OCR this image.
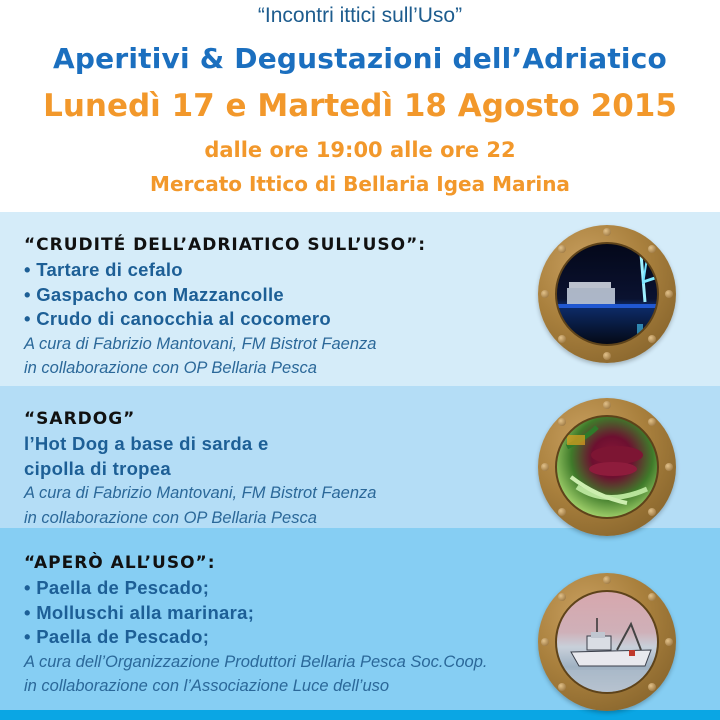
“Incontri ittici sull’Uso”
Aperitivi & Degustazioni dell’Adriatico
Lunedì 17 e Martedì 18 Agosto 2015
dalle ore 19:00 alle ore 22
Mercato Ittico di Bellaria Igea Marina
“CRUDITÉ DELL’ADRIATICO SULL’USO”:
• Tartare di cefalo
• Gaspacho con Mazzancolle
• Crudo di canocchia al cocomero
A cura di Fabrizio Mantovani, FM Bistrot Faenza
in collaborazione con OP Bellaria Pesca
“SARDOG”
l’Hot Dog a base di sarda e
cipolla di tropea
A cura di Fabrizio Mantovani, FM Bistrot Faenza
in collaborazione con OP Bellaria Pesca
“APERÒ ALL’USO”:
• Paella de Pescado;
• Molluschi alla marinara;
• Paella de Pescado;
A cura dell’Organizzazione Produttori Bellaria Pesca Soc.Coop.
in collaborazione con l’Associazione Luce dell’uso
